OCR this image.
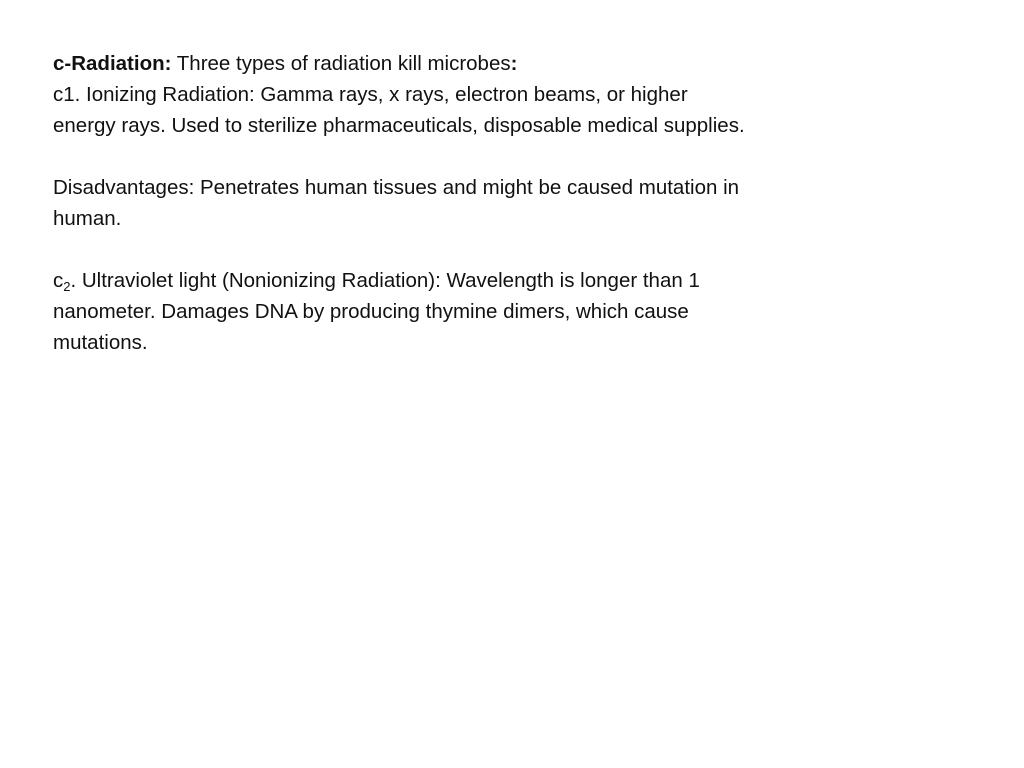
c-Radiation: Three types of radiation kill microbes:

c1. Ionizing Radiation: Gamma rays, x rays, electron beams, or higher energy rays. Used to sterilize pharmaceuticals, disposable medical supplies.

Disadvantages: Penetrates human tissues and might be caused mutation in human.

$c_2$. Ultraviolet light (Nonionizing Radiation): Wavelength is longer than 1 nanometer. Damages DNA by producing thymine dimers, which cause mutations.
